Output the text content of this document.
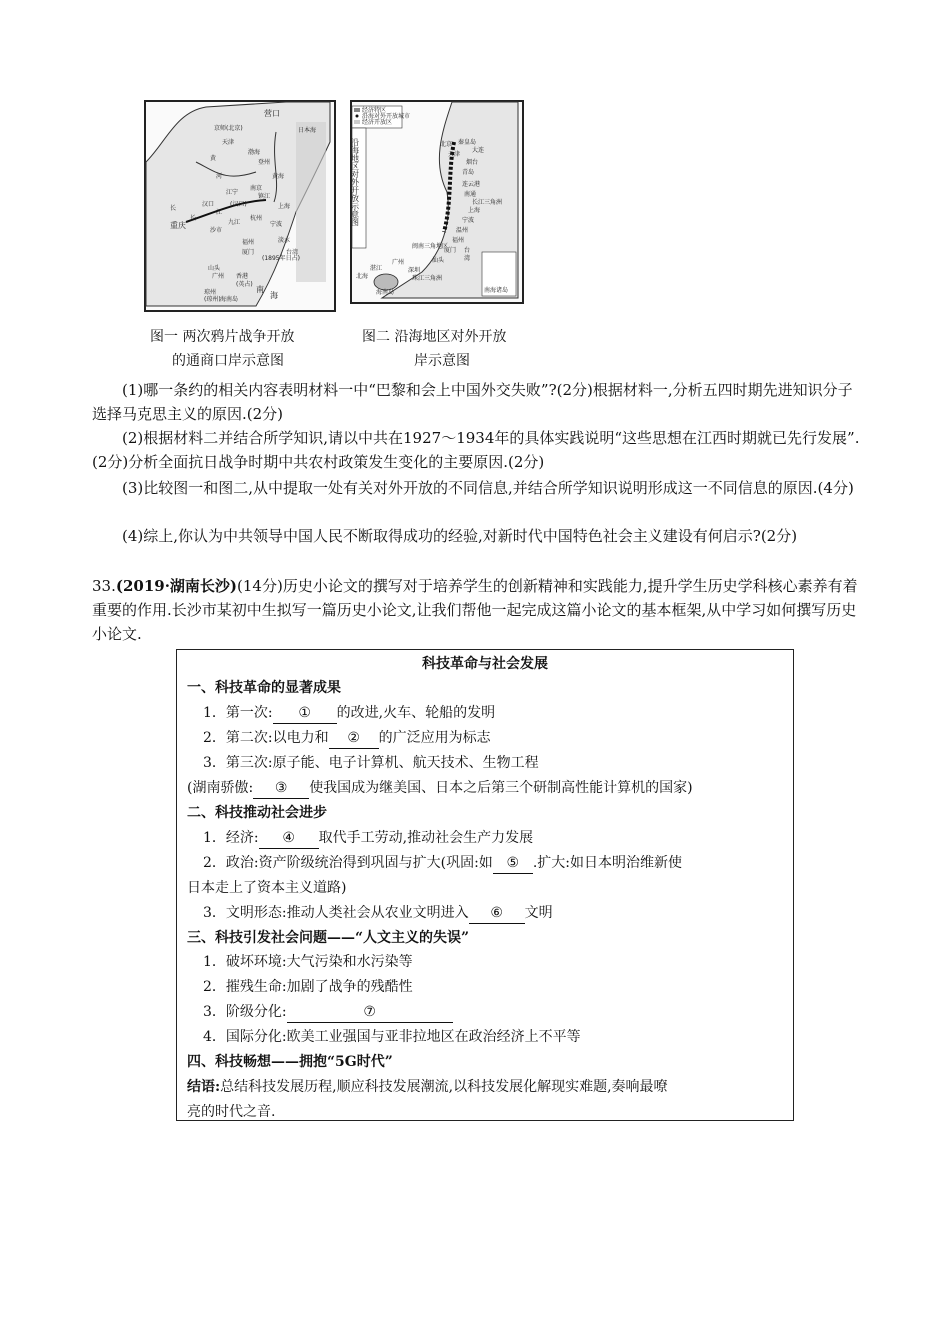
营口
京师(北京)	日本海
天津
渤海
登州
黄海
黄
河
南京
江宁
镇江
长
江
汉口	(汉口)
杭州
上海
重庆	九江	宁波
沙市
淡水
长
福州
(1895年日占)
厦门	台湾
香港
山头
广州
(英占)
琼州
(琼州) 海南岛
南
海
经济特区
沿海对外开放城市
经济开放区
沿海地区对外开放示意图	北京 秦皇岛
天津
大连
烟台
青岛
连云港
南通
长江三角洲
上海
宁波
温州
福州
闽南三角地区
厦门 台
湾
广州
湛江
北海
汕头
深圳
珠江三角洲
海南岛	南海诸岛
图一 两次鸦片战争开放
的通商口岸示意图
图二 沿海地区对外开放
岸示意图
(1)哪一条约的相关内容表明材料一中“巴黎和会上中国外交失败”?(2分)根据材料一,分析五四时期先进知识分子选择马克思主义的原因.(2分)
(2)根据材料二并结合所学知识,请以中共在1927～1934年的具体实践说明“这些思想在江西时期就已先行发展”.(2分)分析全面抗日战争时期中共农村政策发生变化的主要原因.(2分)
(3)比较图一和图二,从中提取一处有关对外开放的不同信息,并结合所学知识说明形成这一不同信息的原因.(4分)
(4)综上,你认为中共领导中国人民不断取得成功的经验,对新时代中国特色社会主义建设有何启示?(2分)
33.(2019·湖南长沙)(14分)历史小论文的撰写对于培养学生的创新精神和实践能力,提升学生历史学科核心素养有着重要的作用.长沙市某初中生拟写一篇历史小论文,让我们帮他一起完成这篇小论文的基本框架,从中学习如何撰写历史小论文.
科技革命与社会发展
一、科技革命的显著成果
1．第一次: ① 的改进,火车、轮船的发明
2．第二次:以电力和 ② 的广泛应用为标志
3．第三次:原子能、电子计算机、航天技术、生物工程
(湖南骄傲: ③ 使我国成为继美国、日本之后第三个研制高性能计算机的国家)
二、科技推动社会进步
1．经济: ④ 取代手工劳动,推动社会生产力发展
2．政治:资产阶级统治得到巩固与扩大(巩固:如 ⑤ .扩大:如日本明治维新使
日本走上了资本主义道路)
3．文明形态:推动人类社会从农业文明进入 ⑥ 文明
三、科技引发社会问题——“人文主义的失误”
1．破坏环境:大气污染和水污染等
2．摧残生命:加剧了战争的残酷性
3．阶级分化:	⑦
4．国际分化:欧美工业强国与亚非拉地区在政治经济上不平等
四、科技畅想——拥抱“5G时代”
结语:总结科技发展历程,顺应科技发展潮流,以科技发展化解现实难题,奏响最嘹
亮的时代之音.
